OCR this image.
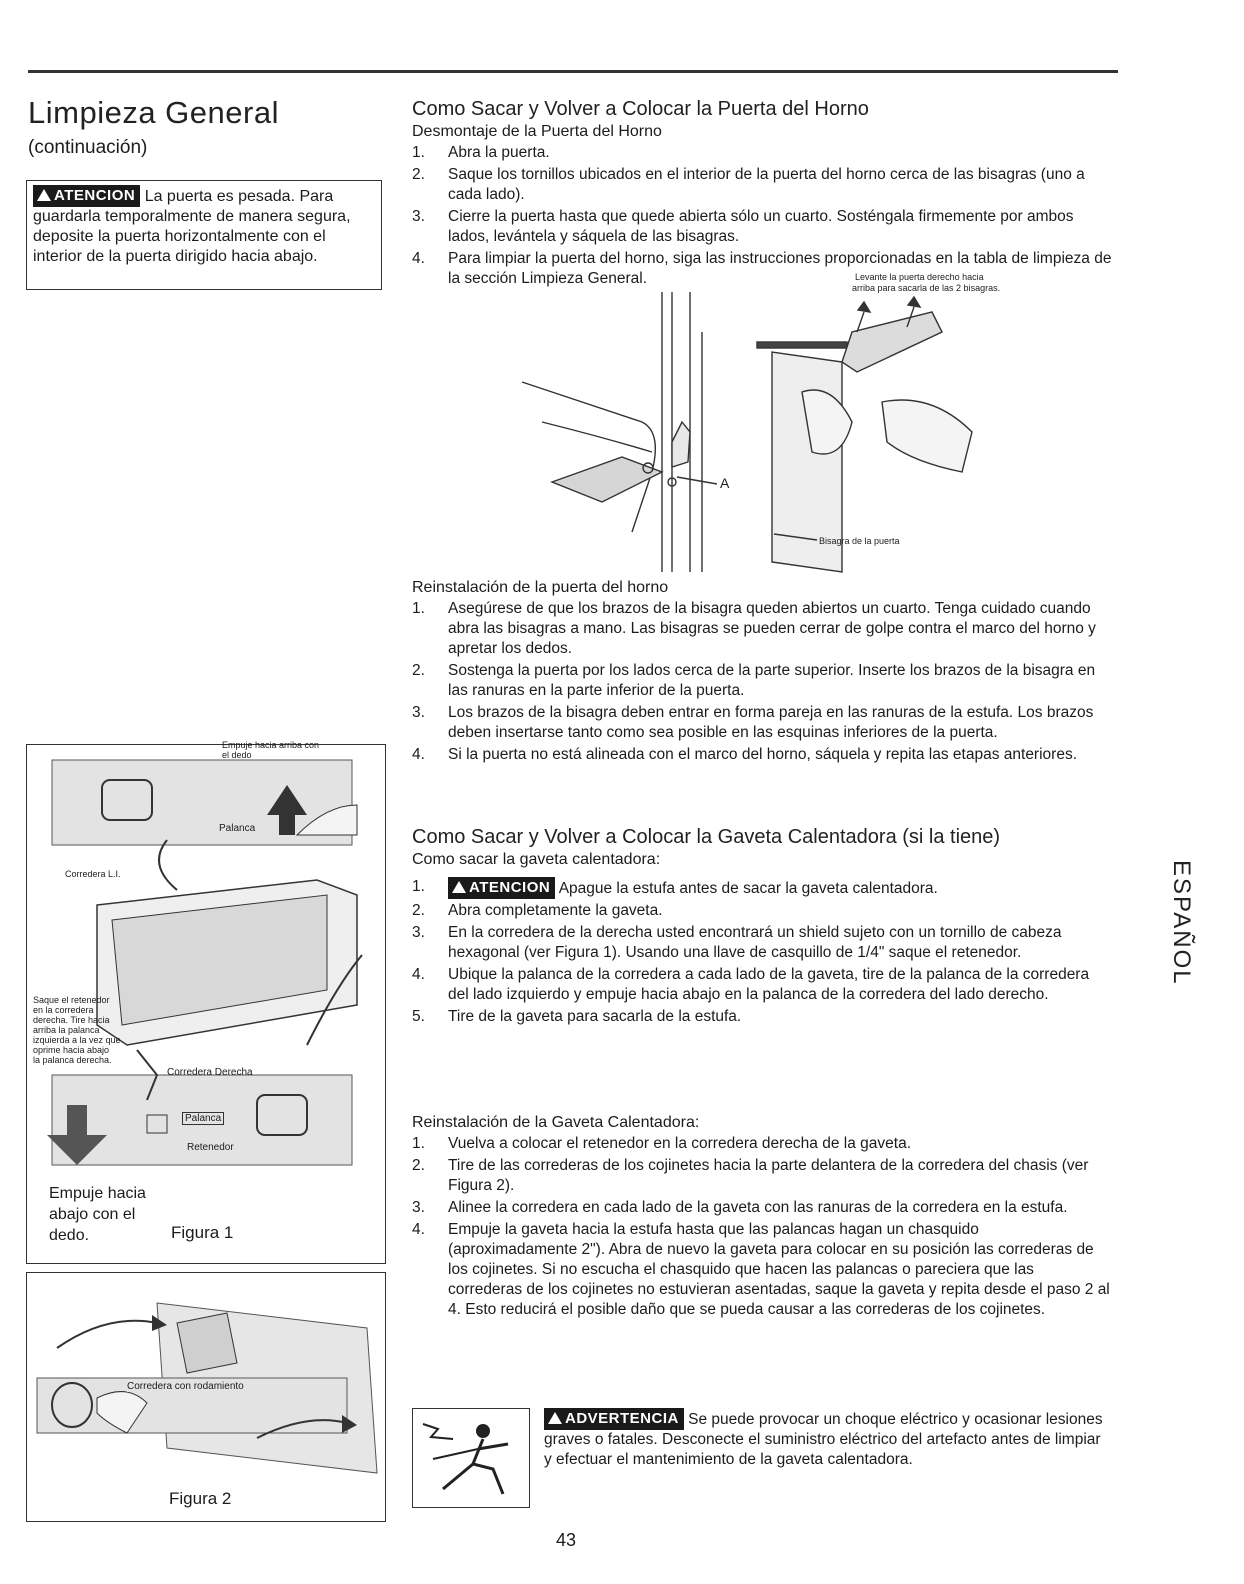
Limpieza General
(continuación)
ATENCION La puerta es pesada. Para guardarla temporalmente de manera segura, deposite la puerta horizontalmente con el interior de la puerta dirigido hacia abajo.
Como Sacar y Volver a Colocar la Puerta del Horno
Desmontaje de la Puerta del Horno
1. Abra la puerta.
2. Saque los tornillos ubicados en el interior de la puerta del horno cerca de las bisagras (uno a cada lado).
3. Cierre la puerta hasta que quede abierta sólo un cuarto. Sosténgala firmemente por ambos lados, levántela y sáquela de las bisagras.
4. Para limpiar la puerta del horno, siga las instrucciones proporcionadas en la tabla de limpieza de la sección Limpieza General.
A
Levante la puerta derecho hacia
arriba para sacarla de las 2 bisagras.
Bisagra de la puerta
Reinstalación de la puerta del horno
1. Asegúrese de que los brazos de la bisagra queden abiertos un cuarto. Tenga cuidado cuando abra las bisagras a mano. Las bisagras se pueden cerrar de golpe contra el marco del horno y apretar los dedos.
2. Sostenga la puerta por los lados cerca de la parte superior. Inserte los brazos de la bisagra en las ranuras en la parte inferior de la puerta.
3. Los brazos de la bisagra deben entrar en forma pareja en las ranuras de la estufa. Los brazos deben insertarse tanto como sea posible en las esquinas inferiores de la puerta.
4. Si la puerta no está alineada con el marco del horno, sáquela y repita las etapas anteriores.
Como Sacar y Volver a Colocar la Gaveta Calentadora (si la tiene)
Como sacar la gaveta calentadora:
1.	ATENCION Apague la estufa antes de sacar la gaveta calentadora.
2. Abra completamente la gaveta.
3. En la corredera de la derecha usted encontrará un shield sujeto con un tornillo de cabeza hexagonal (ver Figura 1). Usando una llave de casquillo de 1/4" saque el retenedor.
4. Ubique la palanca de la corredera a cada lado de la gaveta, tire de la palanca de la corredera del lado izquierdo y empuje hacia abajo en la palanca de la corredera del lado derecho.
5. Tire de la gaveta para sacarla de la estufa.
Reinstalación de la Gaveta Calentadora:
1. Vuelva a colocar el retenedor en la corredera derecha de la gaveta.
2. Tire de las correderas de los cojinetes hacia la parte delantera de la corredera del chasis (ver Figura 2).
3. Alinee la corredera en cada lado de la gaveta con las ranuras de la corredera en la estufa.
4. Empuje la gaveta hacia la estufa hasta que las palancas hagan un chasquido (aproximadamente 2"). Abra de nuevo la gaveta para colocar en su posición las correderas de los cojinetes. Si no escucha el chasquido que hacen las palancas o pareciera que las correderas de los cojinetes no estuvieran asentadas, saque la gaveta y repita desde el paso 2 al 4. Esto reducirá el posible daño que se pueda causar a las correderas de los cojinetes.
Empuje hacia arriba con
el dedo
Palanca
Corredera L.I.
Saque el retenedor
en la corredera
derecha. Tire hacia
arriba la palanca
izquierda a la vez que
oprime hacia abajo
la palanca derecha.
Corredera Derecha
Palanca
Retenedor
Empuje hacia
abajo con el
dedo.	Figura 1
Corredera con rodamiento
Figura 2
ADVERTENCIA Se puede provocar un choque eléctrico y ocasionar lesiones graves o fatales. Desconecte el suministro eléctrico del artefacto antes de limpiar y efectuar el mantenimiento de la gaveta calentadora.
ESPAÑOL
43
